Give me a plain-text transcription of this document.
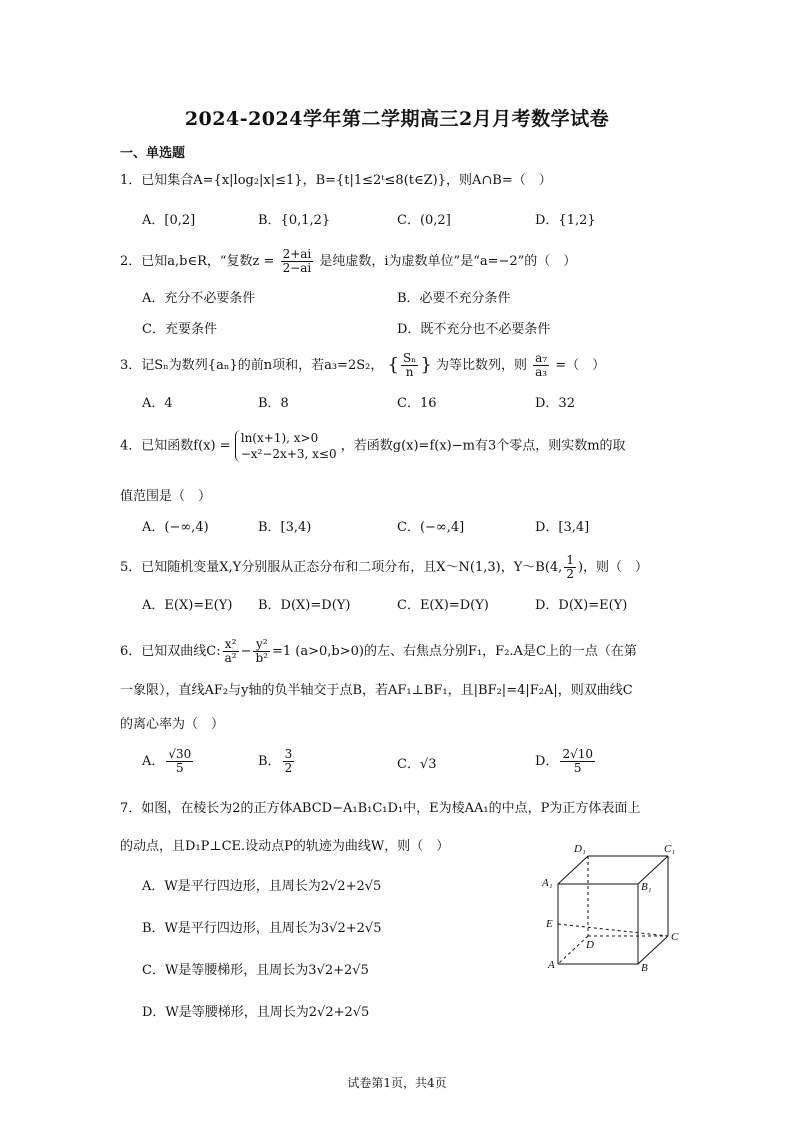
2024-2024学年第二学期高三2月月考数学试卷
一、单选题
1．已知集合A={x|log₂|x|≤1}，B={t|1≤2ᵗ≤8(t∈Z)}，则A∩B=（　）
A．[0,2]	B．{0,1,2}	C．(0,2]	D．{1,2}
2．已知a,b∈R，“复数$z = \frac{2+ai}{2-ai}$ 是纯虚数，i为虚数单位”是“a=−2”的（　）
A．充分不必要条件	B．必要不充分条件
C．充要条件	D．既不充分也不必要条件
3．记Sₙ为数列{aₙ}的前n项和，若a₃=2S₂， { $\frac{\text{Sₙ}}{n}$ } 为等比数列，则 $\frac{\text{a₇}}{\text{a₃}}$ =（　）
A．4	B．8	C．16	D．32
4．已知函数f(x) =
ln(x+1), x>0
−x²−2x+3, x≤0
，若函数g(x)=f(x)−m有3个零点，则实数m的取
值范围是（　）
A．(−∞,4)	B．[3,4)	C．(−∞,4]	D．[3,4]
5．已知随机变量X,Y分别服从正态分布和二项分布，且X～N(1,3)，Y～B(4, $\frac{1}{2}$ )，则（　）
A．E(X)=E(Y) B．D(X)=D(Y)	C．E(X)=D(Y)	D．D(X)=E(Y)
6．已知双曲线C: $\frac{\text{x²}}{\text{a²}} - \frac{\text{y²}}{\text{b²}} =1$ (a>0,b>0)的左、右焦点分别F₁，F₂.A是C上的一点（在第
一象限），直线AF₂与y轴的负半轴交于点B，若AF₁⊥BF₁，且|BF₂|=4|F₂A|，则双曲线C
的离心率为（　）
A． $\frac{√30}{5}$	B． $\frac{3}{2}$	C．√3	D． $\frac{2√10}{5}$
7．如图，在棱长为2的正方体ABCD−A₁B₁C₁D₁中，E为棱AA₁的中点，P为正方体表面上
的动点，且D₁P⊥CE.设动点P的轨迹为曲线W，则（　）
A．W是平行四边形，且周长为2√2+2√5
B．W是平行四边形，且周长为3√2+2√5
C．W是等腰梯形，且周长为3√2+2√5
D．W是等腰梯形，且周长为2√2+2√5
D₁	C₁
A₁	B₁
E
D
C
A	B
试卷第1页，共4页
